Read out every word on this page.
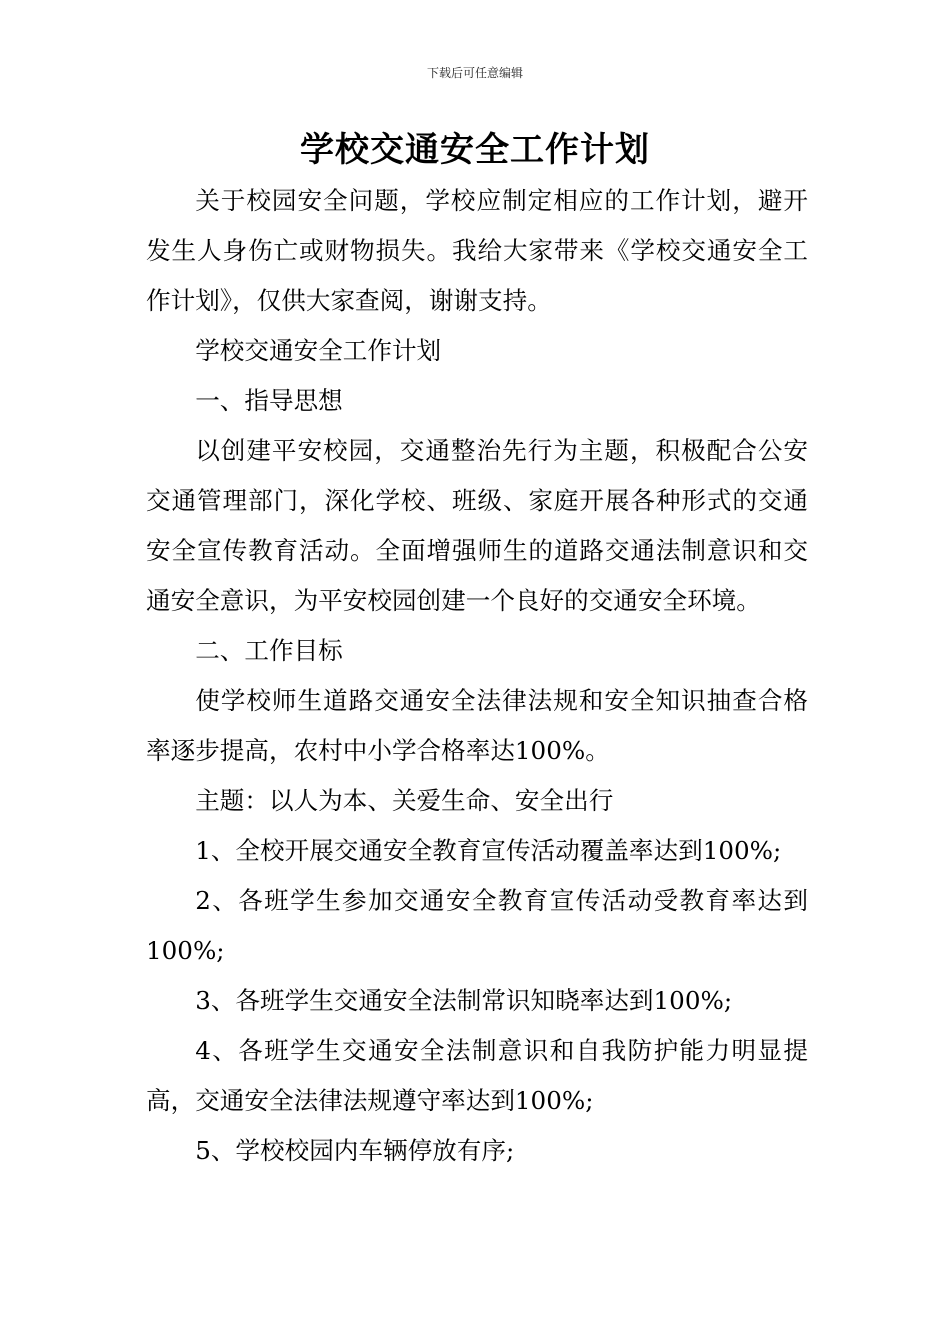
下载后可任意编辑
学校交通安全工作计划

关于校园安全问题，学校应制定相应的工作计划，避开发生人身伤亡或财物损失。我给大家带来《学校交通安全工作计划》，仅供大家查阅，谢谢支持。

学校交通安全工作计划

一、指导思想

以创建平安校园，交通整治先行为主题，积极配合公安交通管理部门，深化学校、班级、家庭开展各种形式的交通安全宣传教育活动。全面增强师生的道路交通法制意识和交通安全意识，为平安校园创建一个良好的交通安全环境。

二、工作目标

使学校师生道路交通安全法律法规和安全知识抽查合格率逐步提高，农村中小学合格率达100%。

主题：以人为本、关爱生命、安全出行

1、全校开展交通安全教育宣传活动覆盖率达到100%;

2、各班学生参加交通安全教育宣传活动受教育率达到100%;

3、各班学生交通安全法制常识知晓率达到100%;

4、各班学生交通安全法制意识和自我防护能力明显提高，交通安全法律法规遵守率达到100%;

5、学校校园内车辆停放有序;
